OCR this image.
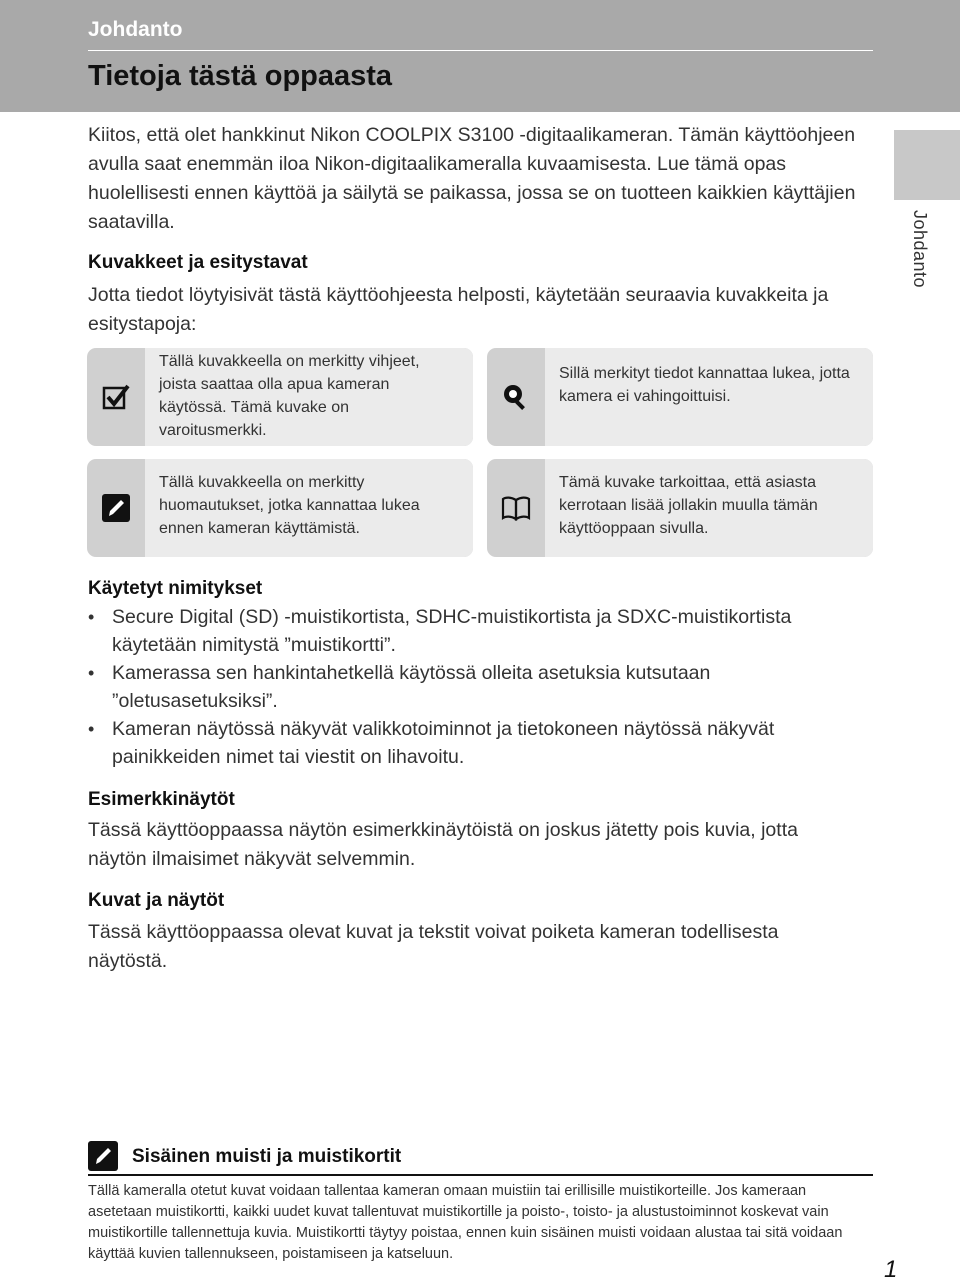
Johdanto
Tietoja tästä oppaasta
Johdanto

Kiitos, että olet hankkinut Nikon COOLPIX S3100 -digitaalikameran. Tämän käyttöohjeen avulla saat enemmän iloa Nikon-digitaalikameralla kuvaamisesta. Lue tämä opas huolellisesti ennen käyttöä ja säilytä se paikassa, jossa se on tuotteen kaikkien käyttäjien saatavilla.

Kuvakkeet ja esitystavat

Jotta tiedot löytyisivät tästä käyttöohjeesta helposti, käytetään seuraavia kuvakkeita ja esitystapoja:

Tällä kuvakkeella on merkitty vihjeet, joista saattaa olla apua kameran käytössä. Tämä kuvake on varoitusmerkki.
Sillä merkityt tiedot kannattaa lukea, jotta kamera ei vahingoittuisi.
Tällä kuvakkeella on merkitty huomautukset, jotka kannattaa lukea ennen kameran käyttämistä.
Tämä kuvake tarkoittaa, että asiasta kerrotaan lisää jollakin muulla tämän käyttöoppaan sivulla.
Käytetyt nimitykset
• Secure Digital (SD) -muistikortista, SDHC-muistikortista ja SDXC-muistikortista käytetään nimitystä ”muistikortti”.
• Kamerassa sen hankintahetkellä käytössä olleita asetuksia kutsutaan ”oletusasetuksiksi”.
• Kameran näytössä näkyvät valikkotoiminnot ja tietokoneen näytössä näkyvät painikkeiden nimet tai viestit on lihavoitu.
Esimerkkinäytöt

Tässä käyttöoppaassa näytön esimerkkinäytöistä on joskus jätetty pois kuvia, jotta näytön ilmaisimet näkyvät selvemmin.

Kuvat ja näytöt

Tässä käyttöoppaassa olevat kuvat ja tekstit voivat poiketa kameran todellisesta näytöstä.

Sisäinen muisti ja muistikortit

Tällä kameralla otetut kuvat voidaan tallentaa kameran omaan muistiin tai erillisille muistikorteille. Jos kameraan asetetaan muistikortti, kaikki uudet kuvat tallentuvat muistikortille ja poisto-, toisto- ja alustustoiminnot koskevat vain muistikortille tallennettuja kuvia. Muistikortti täytyy poistaa, ennen kuin sisäinen muisti voidaan alustaa tai sitä voidaan käyttää kuvien tallennukseen, poistamiseen ja katseluun.

1
